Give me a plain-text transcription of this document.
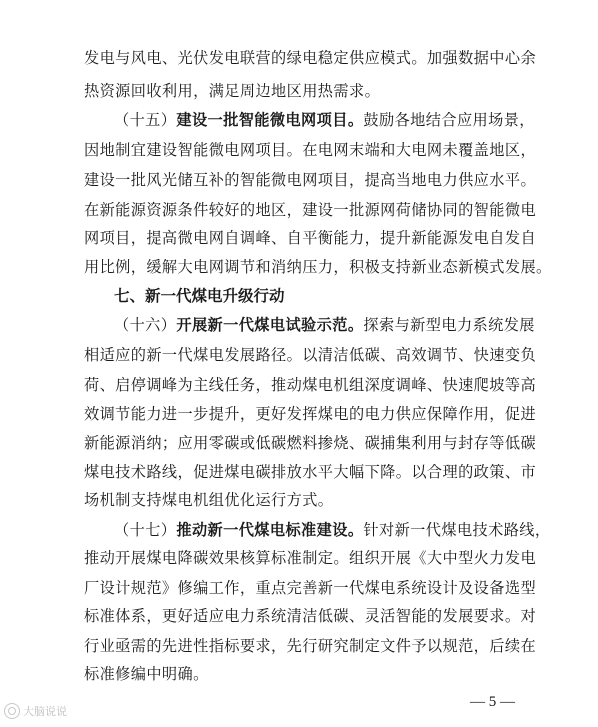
发电与风电、光伏发电联营的绿电稳定供应模式。加强数据中心余
热资源回收利用，满足周边地区用热需求。
（十五）建设一批智能微电网项目。鼓励各地结合应用场景，
因地制宜建设智能微电网项目。在电网末端和大电网未覆盖地区，
建设一批风光储互补的智能微电网项目，提高当地电力供应水平。
在新能源资源条件较好的地区，建设一批源网荷储协同的智能微电
网项目，提高微电网自调峰、自平衡能力，提升新能源发电自发自
用比例，缓解大电网调节和消纳压力，积极支持新业态新模式发展。
七、新一代煤电升级行动
（十六）开展新一代煤电试验示范。探索与新型电力系统发展
相适应的新一代煤电发展路径。以清洁低碳、高效调节、快速变负
荷、启停调峰为主线任务，推动煤电机组深度调峰、快速爬坡等高
效调节能力进一步提升，更好发挥煤电的电力供应保障作用，促进
新能源消纳；应用零碳或低碳燃料掺烧、碳捕集利用与封存等低碳
煤电技术路线，促进煤电碳排放水平大幅下降。以合理的政策、市
场机制支持煤电机组优化运行方式。
（十七）推动新一代煤电标准建设。针对新一代煤电技术路线，
推动开展煤电降碳效果核算标准制定。组织开展《大中型火力发电
厂设计规范》修编工作，重点完善新一代煤电系统设计及设备选型
标准体系，更好适应电力系统清洁低碳、灵活智能的发展要求。对
行业亟需的先进性指标要求，先行研究制定文件予以规范，后续在
标准修编中明确。
— 5 —
大脑说说
